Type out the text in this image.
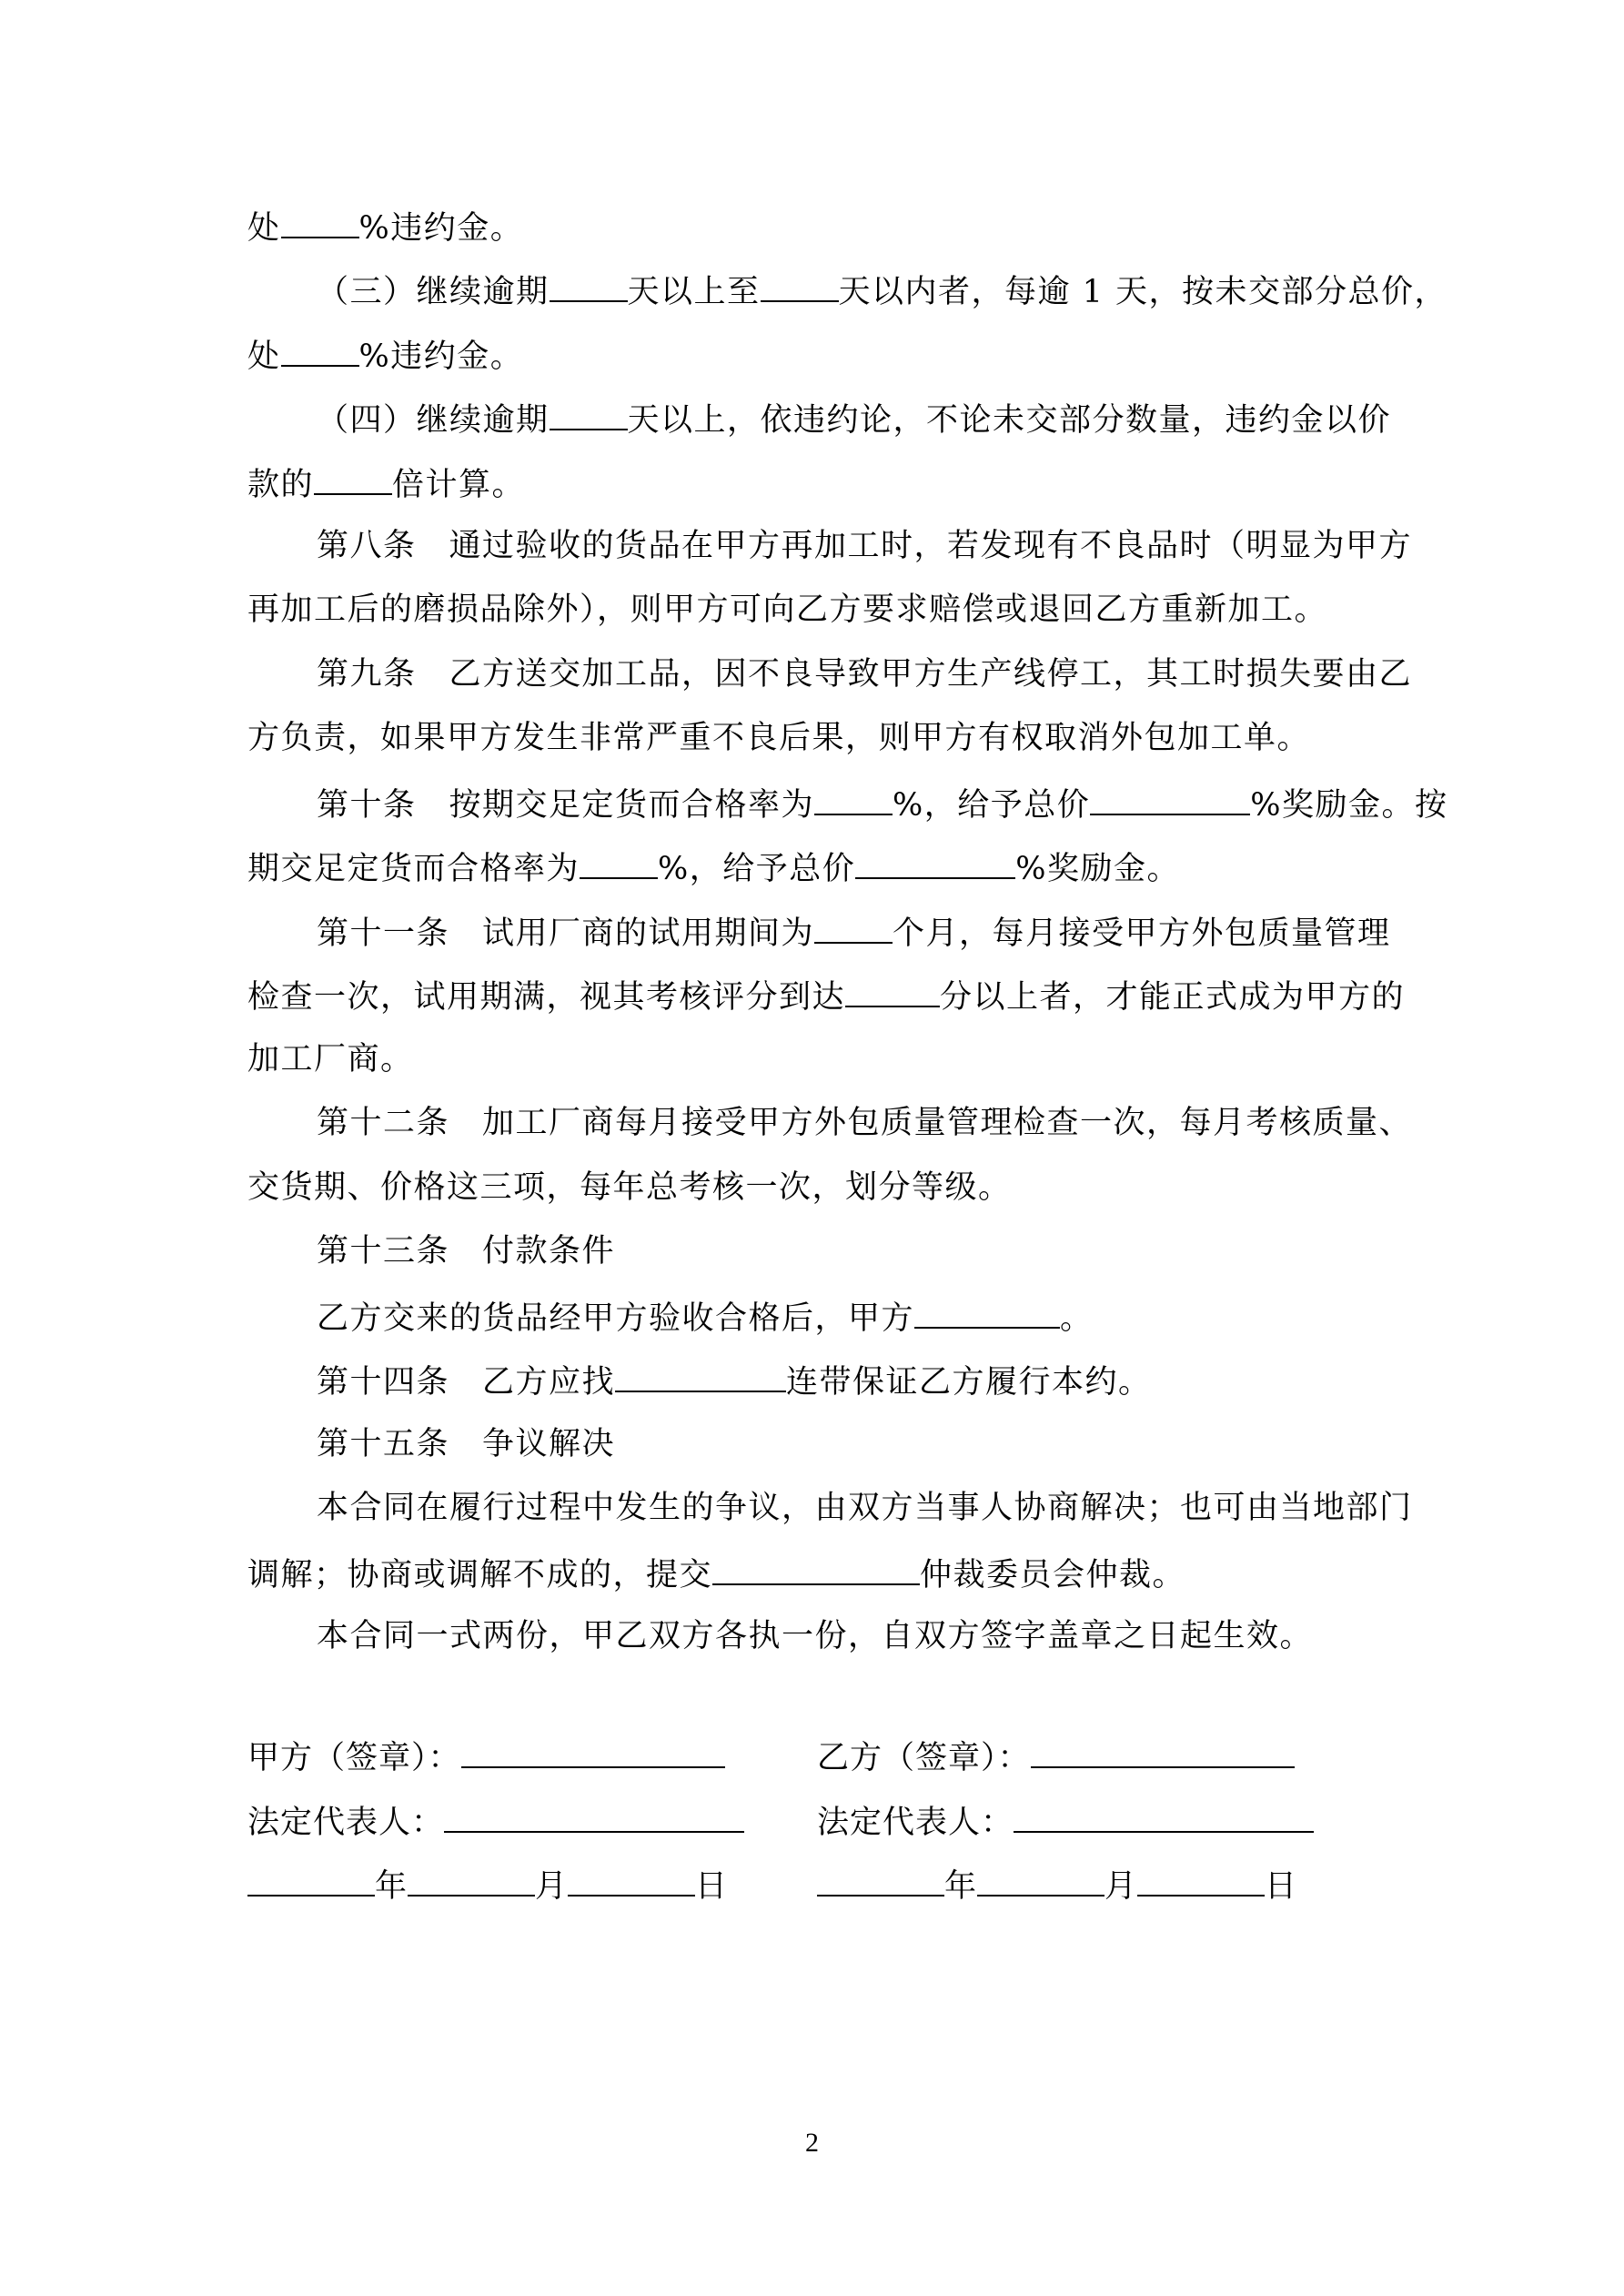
处 %违约金。
（三）继续逾期 天以上至 天以内者，每逾 1 天，按未交部分总价，
处 %违约金。
（四）继续逾期 天以上，依违约论，不论未交部分数量，违约金以价
款的 倍计算。
第八条 通过验收的货品在甲方再加工时，若发现有不良品时（明显为甲方
再加工后的磨损品除外），则甲方可向乙方要求赔偿或退回乙方重新加工。
第九条 乙方送交加工品，因不良导致甲方生产线停工，其工时损失要由乙
方负责，如果甲方发生非常严重不良后果，则甲方有权取消外包加工单。
第十条 按期交足定货而合格率为 %，给予总价	%奖励金。按
期交足定货而合格率为 %，给予总价	%奖励金。
第十一条 试用厂商的试用期间为 个月，每月接受甲方外包质量管理
检查一次，试用期满，视其考核评分到达	分以上者，才能正式成为甲方的
加工厂商。
第十二条 加工厂商每月接受甲方外包质量管理检查一次，每月考核质量、
交货期、价格这三项，每年总考核一次，划分等级。
第十三条 付款条件
乙方交来的货品经甲方验收合格后，甲方	。
第十四条 乙方应找	连带保证乙方履行本约。
第十五条 争议解决
本合同在履行过程中发生的争议，由双方当事人协商解决；也可由当地部门
调解；协商或调解不成的，提交	仲裁委员会仲裁。
本合同一式两份，甲乙双方各执一份，自双方签字盖章之日起生效。
甲方（签章）：
法定代表人：
年	月	日
乙方（签章）：
法定代表人：
年	月	日
2
